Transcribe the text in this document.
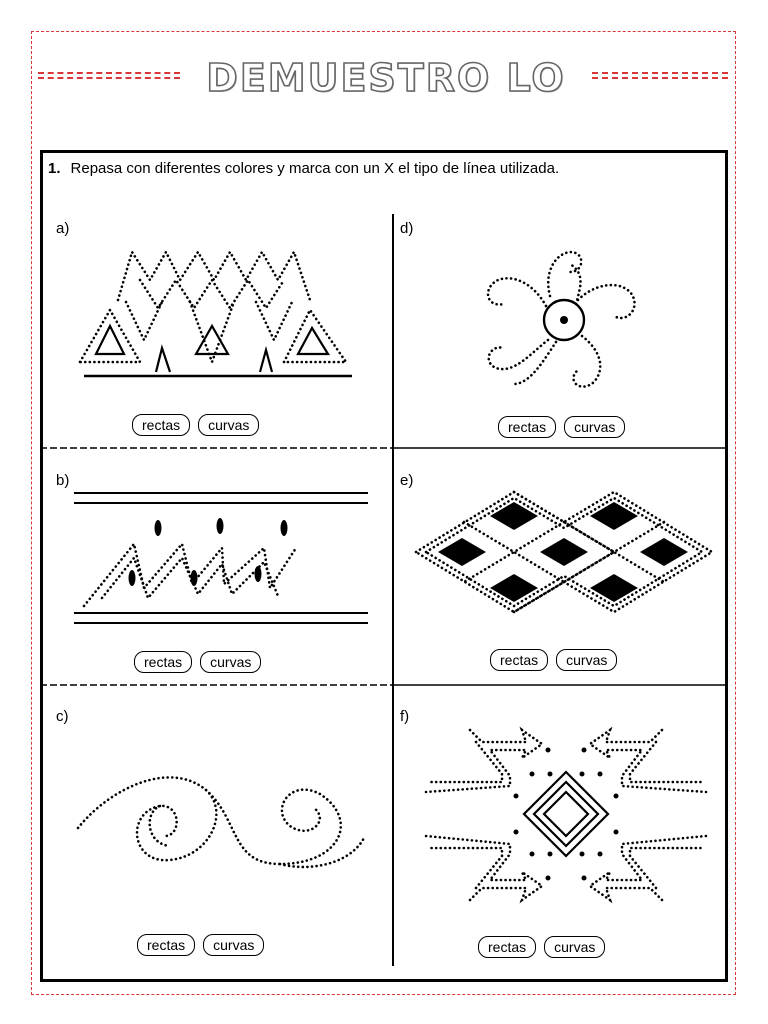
DEMUESTRO LO
1. Repasa con diferentes colores y marca con un X el tipo de línea utilizada.
a)
b)
c)
d)
e)
f)
rectas	curvas
rectas	curvas
rectas	curvas
rectas	curvas
rectas	curvas
rectas	curvas
